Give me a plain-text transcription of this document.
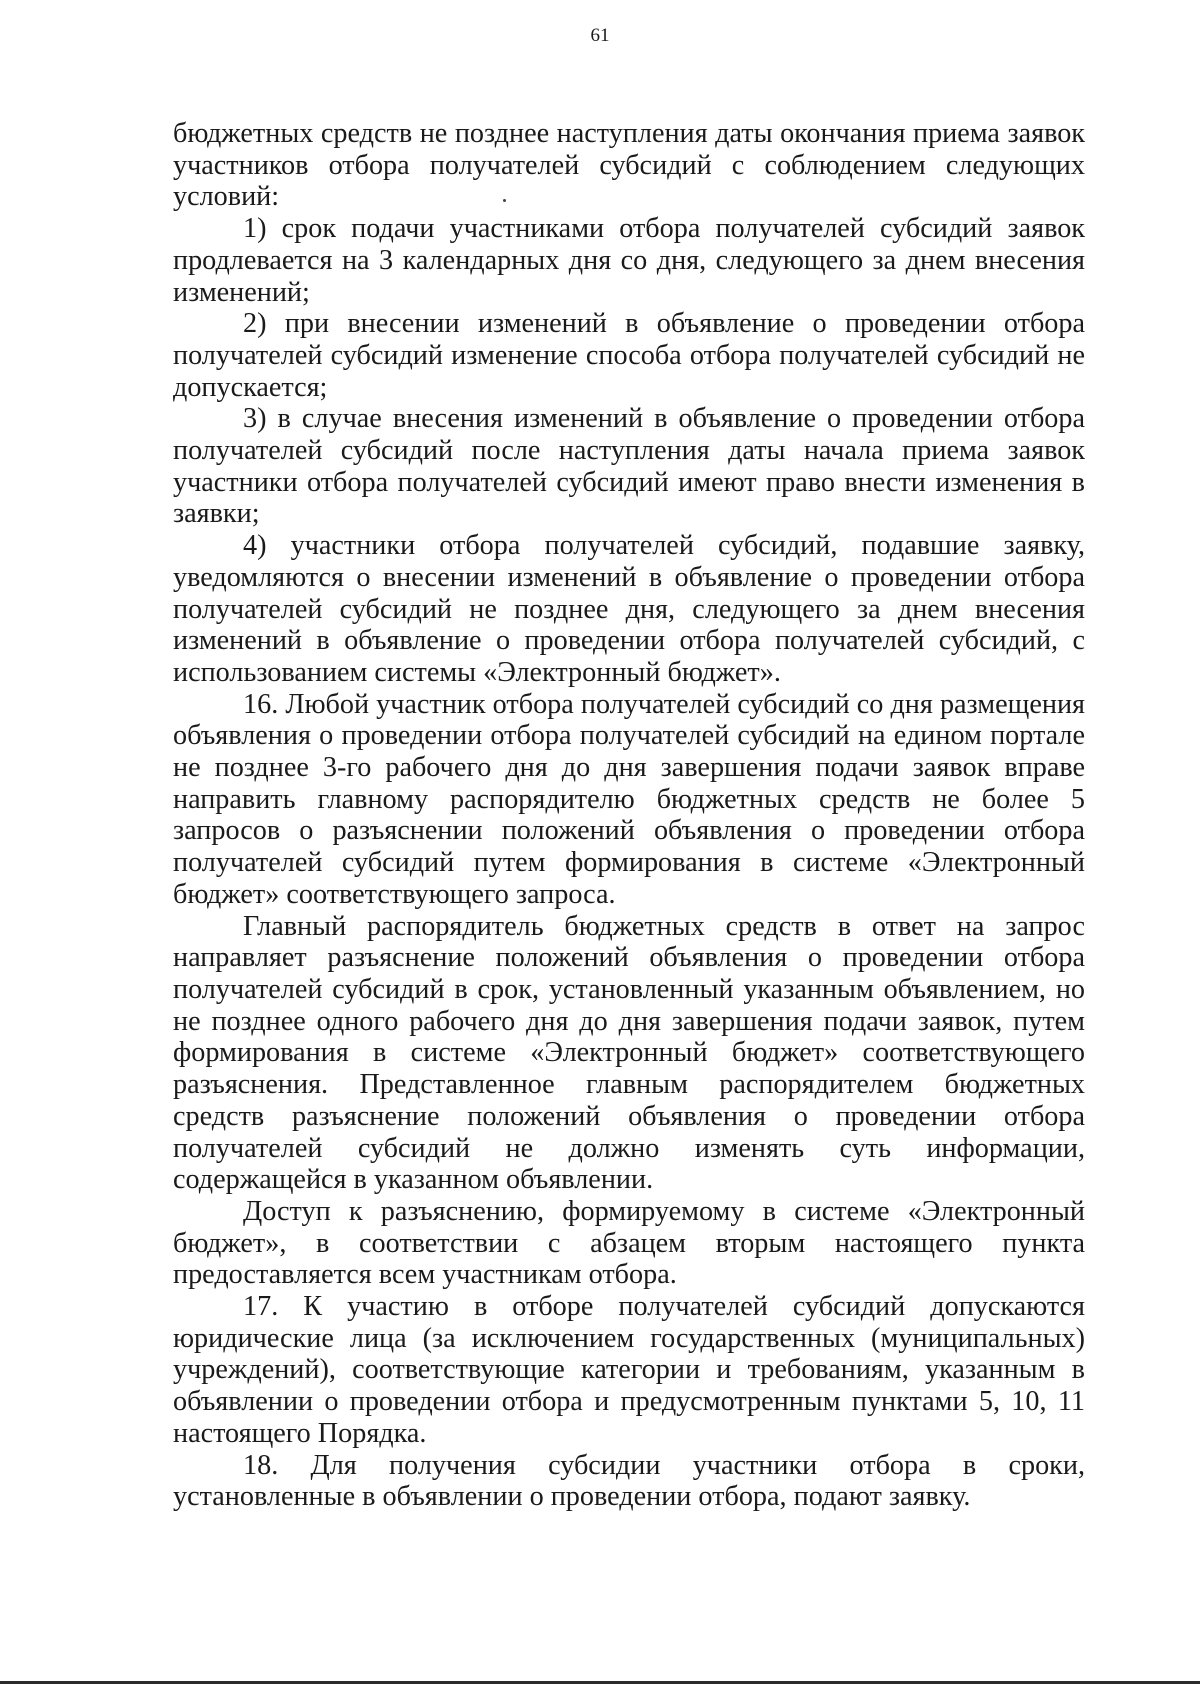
61

бюджетных средств не позднее наступления даты окончания приема заявок участников отбора получателей субсидий с соблюдением следующих условий:

1) срок подачи участниками отбора получателей субсидий заявок продлевается на 3 календарных дня со дня, следующего за днем внесения изменений;

2) при внесении изменений в объявление о проведении отбора получателей субсидий изменение способа отбора получателей субсидий не допускается;

3) в случае внесения изменений в объявление о проведении отбора получателей субсидий после наступления даты начала приема заявок участники отбора получателей субсидий имеют право внести изменения в заявки;

4) участники отбора получателей субсидий, подавшие заявку, уведомляются о внесении изменений в объявление о проведении отбора получателей субсидий не позднее дня, следующего за днем внесения изменений в объявление о проведении отбора получателей субсидий, с использованием системы «Электронный бюджет».

16. Любой участник отбора получателей субсидий со дня размещения объявления о проведении отбора получателей субсидий на едином портале не позднее 3-го рабочего дня до дня завершения подачи заявок вправе направить главному распорядителю бюджетных средств не более 5 запросов о разъяснении положений объявления о проведении отбора получателей субсидий путем формирования в системе «Электронный бюджет» соответствующего запроса.

Главный распорядитель бюджетных средств в ответ на запрос направляет разъяснение положений объявления о проведении отбора получателей субсидий в срок, установленный указанным объявлением, но не позднее одного рабочего дня до дня завершения подачи заявок, путем формирования в системе «Электронный бюджет» соответствующего разъяснения. Представленное главным распорядителем бюджетных средств разъяснение положений объявления о проведении отбора получателей субсидий не должно изменять суть информации, содержащейся в указанном объявлении.

Доступ к разъяснению, формируемому в системе «Электронный бюджет», в соответствии с абзацем вторым настоящего пункта предоставляется всем участникам отбора.

17. К участию в отборе получателей субсидий допускаются юридические лица (за исключением государственных (муниципальных) учреждений), соответствующие категории и требованиям, указанным в объявлении о проведении отбора и предусмотренным пунктами 5, 10, 11 настоящего Порядка.

18. Для получения субсидии участники отбора в сроки, установленные в объявлении о проведении отбора, подают заявку.
